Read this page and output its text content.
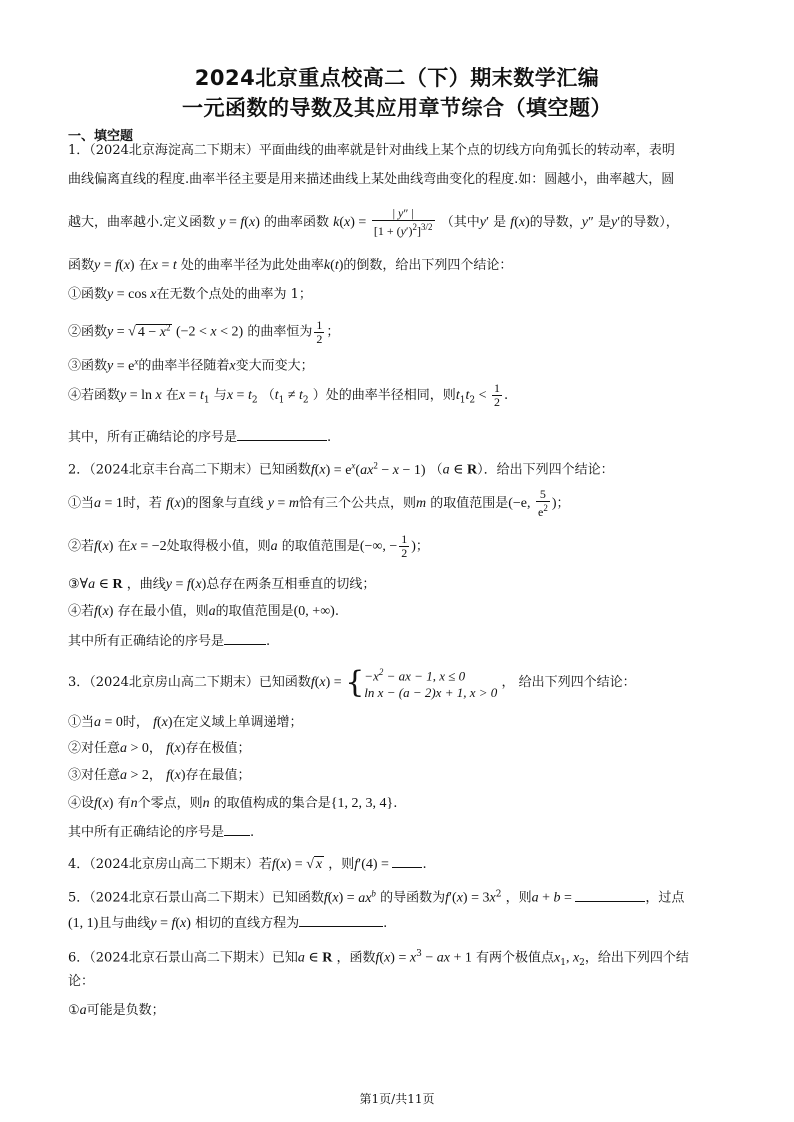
2024北京重点校高二（下）期末数学汇编
一元函数的导数及其应用章节综合（填空题）
一、填空题
1．（2024北京海淀高二下期末）平面曲线的曲率就是针对曲线上某个点的切线方向角弧长的转动率，表明
曲线偏离直线的程度.曲率半径主要是用来描述曲线上某处曲线弯曲变化的程度.如：圆越小，曲率越大，圆
越大，曲率越小.定义函数 y = f(x) 的曲率函数 $k(x) = \frac{| y'' |}{[1 + (y')^2]^{3/2}}$ （其中y′ 是 f(x)的导数，y″ 是y′的导数），
函数y = f(x) 在x = t 处的曲率半径为此处曲率k(t)的倒数，给出下列四个结论：
①函数y = cos x在无数个点处的曲率为 1；
②函数y = √ $4 - x^2$ (−2 < x < 2) 的曲率恒为 $\frac{1}{2}$ ；
③函数$y = e^x$的曲率半径随着x变大而变大；
④若函数y = ln x 在$x = t_1$ 与$x = t_2$ （$t_1 \ne t_2$ ）处的曲率半径相同，则$t_1t_2 < \frac{1}{2}$ .
其中，所有正确结论的序号是	.
2．（2024北京丰台高二下期末）已知函数$f(x) = e^x(ax^2 - x - 1)$ （a ∈ R）．给出下列四个结论：
①当a = 1时，若 f(x)的图象与直线 y = m恰有三个公共点，则m 的取值范围是(−e, $\frac{5}{e^2}$ )；
②若f(x) 在x = −2处取得极小值，则a 的取值范围是(−∞, − $\frac{1}{2}$ )；
③∀a ∈ R ，曲线y = f(x)总存在两条互相垂直的切线；
④若f(x) 存在最小值，则a的取值范围是(0, +∞).
其中所有正确结论的序号是	.
3．（2024北京房山高二下期末）已知函数f(x) = { $-x^2$ − ax − 1, x ≤ 0
ln x − (a − 2)x + 1, x > 0
， 给出下列四个结论：
①当a = 0时， f(x)在定义域上单调递增；
②对任意a > 0， f(x)存在极值；
③对任意a > 2， f(x)存在最值；
④设f(x) 有n个零点，则n 的取值构成的集合是{1, 2, 3, 4}.
其中所有正确结论的序号是 .
4．（2024北京房山高二下期末）若f(x) = √ x ，则f′(4) = .
5．（2024北京石景山高二下期末）已知函数$f(x) = ax^b$ 的导函数为$f'(x) = 3x^2$ ，则a + b =	，过点
(1, 1)且与曲线y = f(x) 相切的直线方程为	.
6．（2024北京石景山高二下期末）已知a ∈ R ，函数$f(x) = x^3$ − ax + 1 有两个极值点$x_1$, $x_2$，给出下列四个结
论：
①a可能是负数；
第1页/共11页
